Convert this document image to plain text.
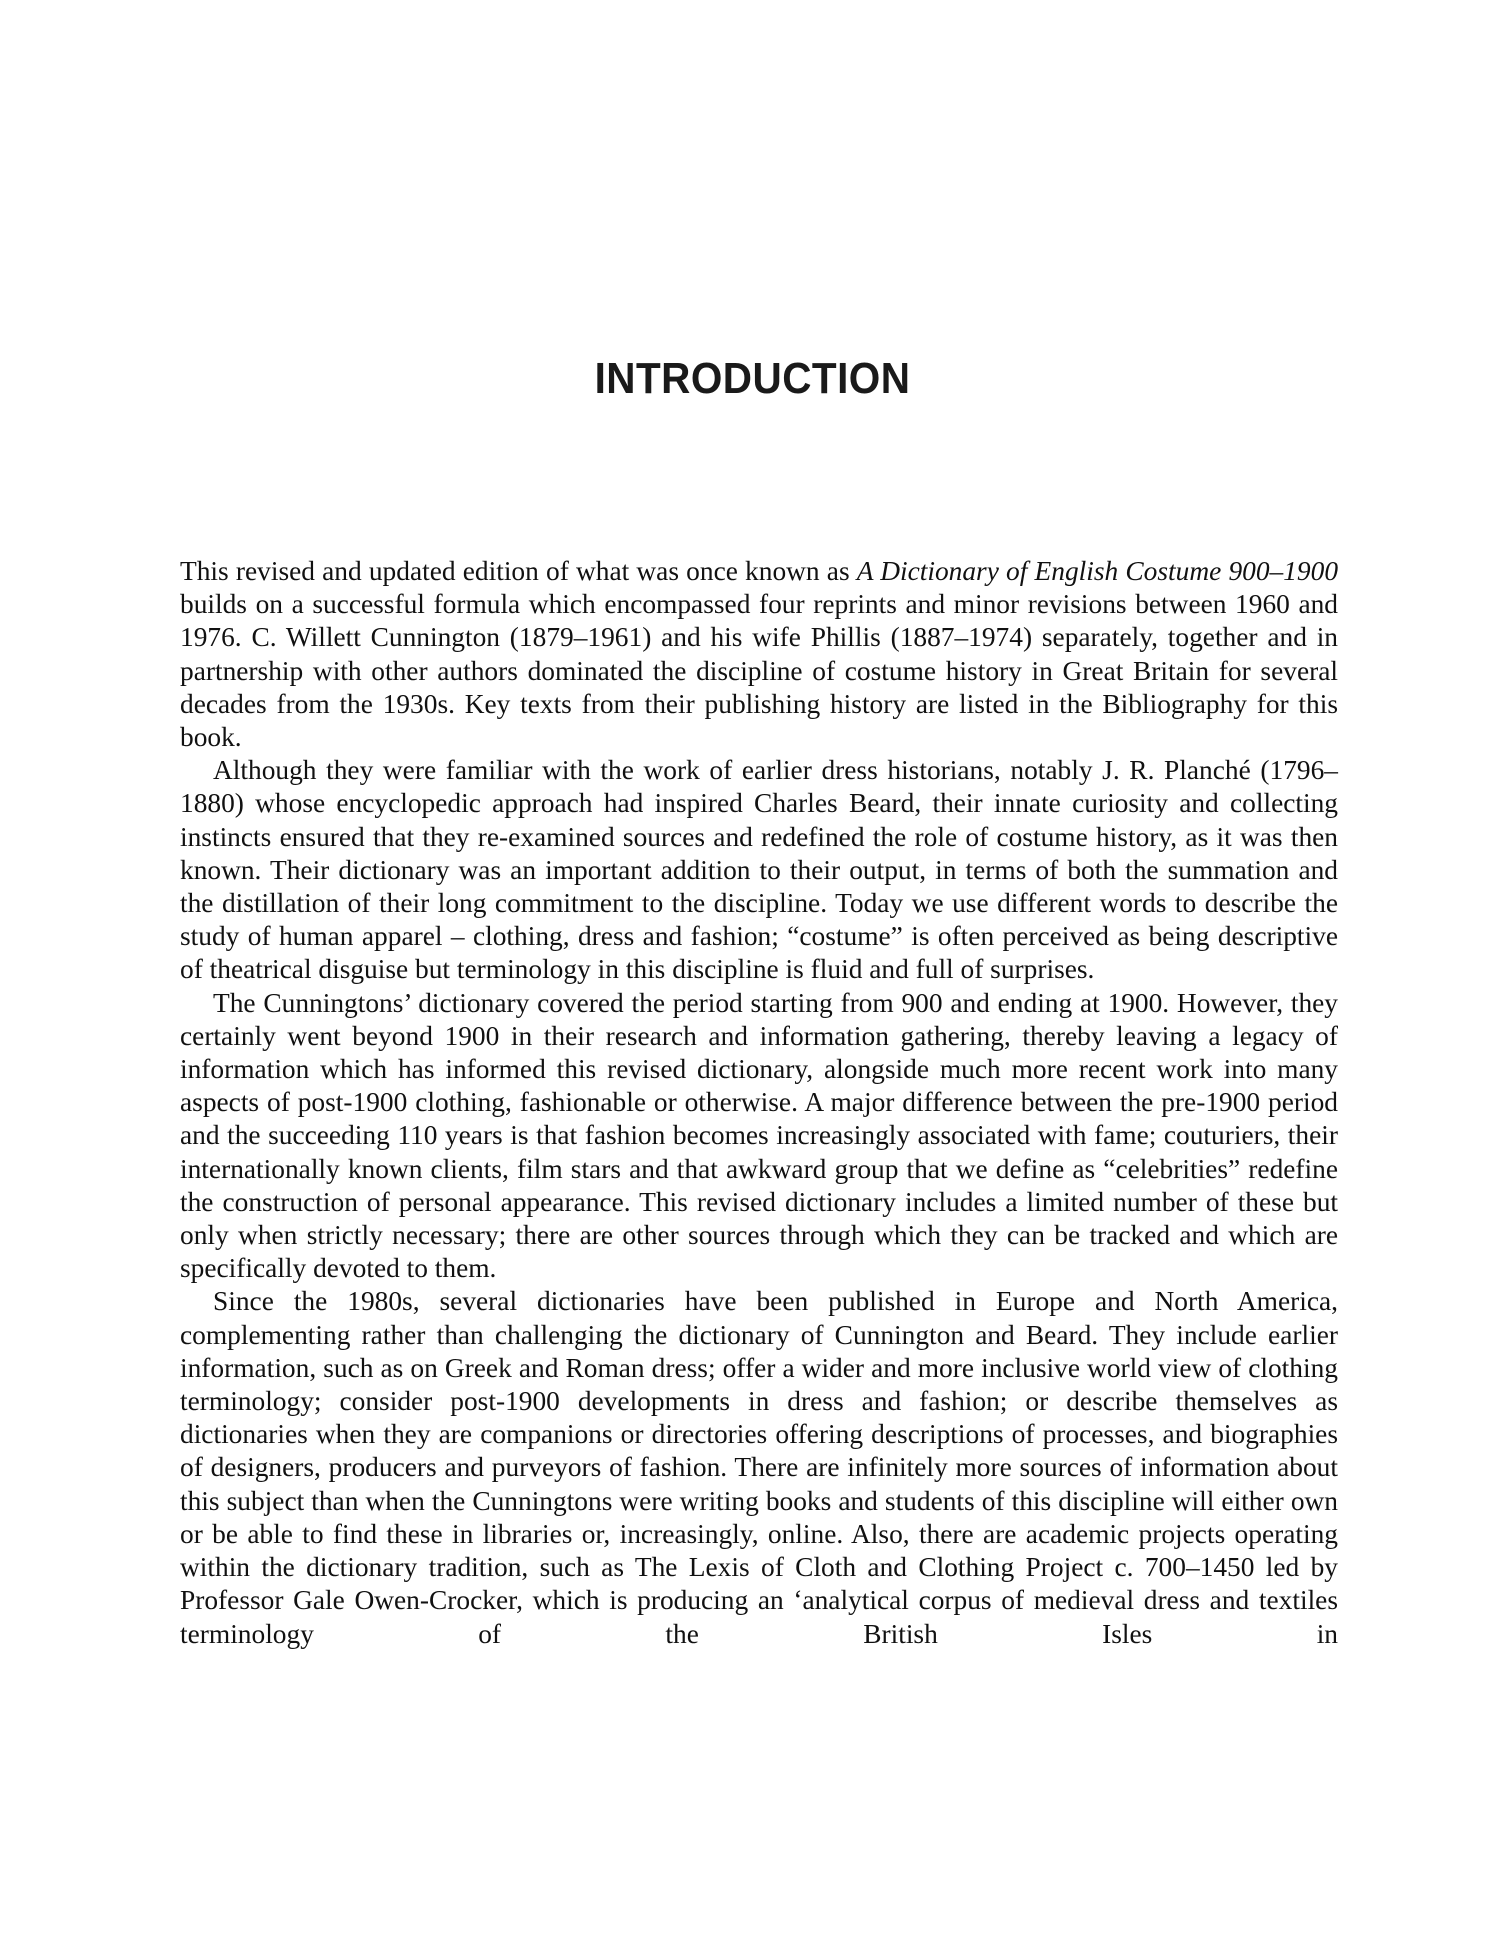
INTRODUCTION

This revised and updated edition of what was once known as A Dictionary of English Costume 900–1900 builds on a successful formula which encompassed four reprints and minor revisions between 1960 and 1976. C. Willett Cunnington (1879–1961) and his wife Phillis (1887–1974) separately, together and in partnership with other authors dominated the discipline of costume history in Great Britain for several decades from the 1930s. Key texts from their publishing history are listed in the Bibliography for this book.

Although they were familiar with the work of earlier dress historians, notably J. R. Planché (1796–1880) whose encyclopedic approach had inspired Charles Beard, their innate curiosity and collecting instincts ensured that they re-examined sources and redefined the role of costume history, as it was then known. Their dictionary was an important addition to their output, in terms of both the summation and the distillation of their long commitment to the discipline. Today we use different words to describe the study of human apparel – clothing, dress and fashion; “costume” is often perceived as being descriptive of theatrical disguise but terminology in this discipline is fluid and full of surprises.

The Cunningtons’ dictionary covered the period starting from 900 and ending at 1900. However, they certainly went beyond 1900 in their research and information gathering, thereby leaving a legacy of information which has informed this revised dictionary, alongside much more recent work into many aspects of post-1900 clothing, fashionable or otherwise. A major difference between the pre-1900 period and the succeeding 110 years is that fashion becomes increasingly associated with fame; couturiers, their internationally known clients, film stars and that awkward group that we define as “celebrities” redefine the construction of personal appearance. This revised dictionary includes a limited number of these but only when strictly necessary; there are other sources through which they can be tracked and which are specifically devoted to them.

Since the 1980s, several dictionaries have been published in Europe and North America, complementing rather than challenging the dictionary of Cunnington and Beard. They include earlier information, such as on Greek and Roman dress; offer a wider and more inclusive world view of clothing terminology; consider post-1900 developments in dress and fashion; or describe themselves as dictionaries when they are companions or directories offering descriptions of processes, and biographies of designers, producers and purveyors of fashion. There are infinitely more sources of information about this subject than when the Cunningtons were writing books and students of this discipline will either own or be able to find these in libraries or, increasingly, online. Also, there are academic projects operating within the dictionary tradition, such as The Lexis of Cloth and Clothing Project c. 700–1450 led by Professor Gale Owen-Crocker, which is producing an ‘analytical corpus of medieval dress and textiles terminology of the British Isles in
